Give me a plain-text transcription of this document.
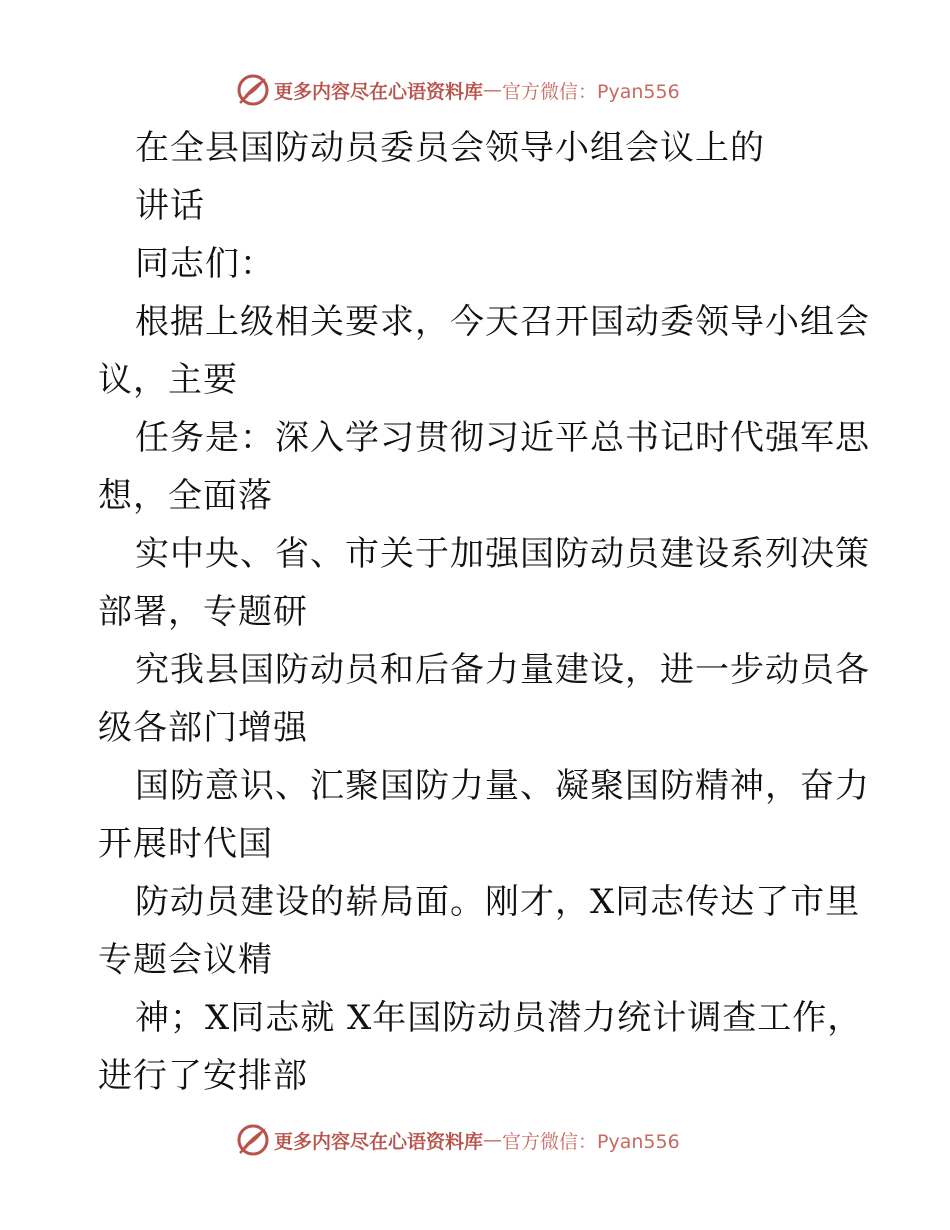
更多内容尽在心语资料库 — 官方微信：Pyan556
在全县国防动员委员会领导小组会议上的
讲话
同志们：
根据上级相关要求，今天召开国动委领导小组会
议，主要
任务是：深入学习贯彻习近平总书记时代强军思
想，全面落
实中央、省、市关于加强国防动员建设系列决策
部署，专题研
究我县国防动员和后备力量建设，进一步动员各
级各部门增强
国防意识、汇聚国防力量、凝聚国防精神，奋力
开展时代国
防动员建设的崭局面。刚才，X同志传达了市里
专题会议精
神；X同志就 X年国防动员潜力统计调查工作，
进行了安排部
更多内容尽在心语资料库 — 官方微信：Pyan556
